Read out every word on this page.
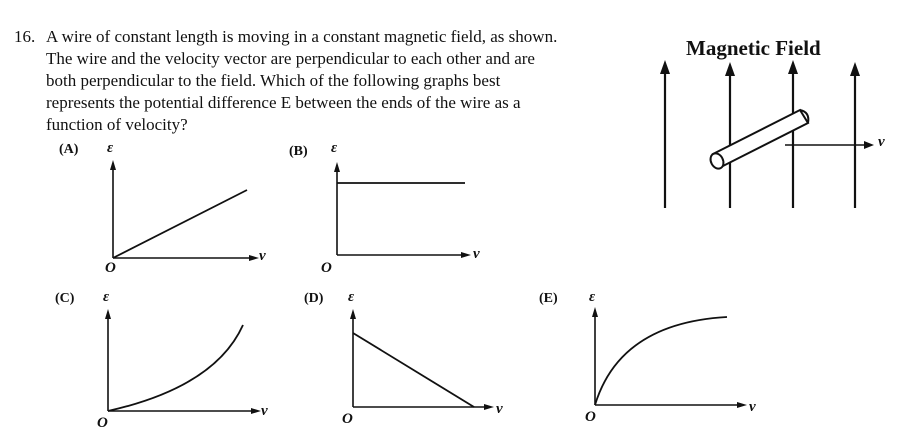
16. A wire of constant length is moving in a constant magnetic field, as shown.
The wire and the velocity vector are perpendicular to each other and are
both perpendicular to the field. Which of the following graphs best
represents the potential difference E between the ends of the wire as a
function of velocity?
Magnetic Field
v
(A) ε
O
v
(B) ε
O
v
(C) ε
O
v
(D) ε
O
v
(E) ε
O
v
